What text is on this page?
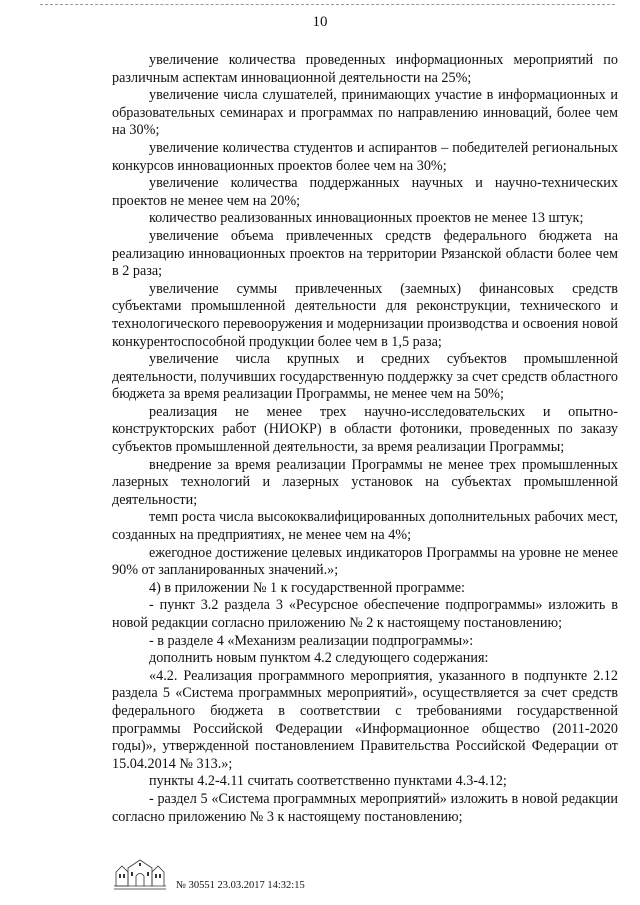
10

увеличение количества проведенных информационных мероприятий по различным аспектам инновационной деятельности на 25%;

увеличение числа слушателей, принимающих участие в информационных и образовательных семинарах и программах по направлению инноваций, более чем на 30%;

увеличение количества студентов и аспирантов – победителей региональных конкурсов инновационных проектов более чем на 30%;

увеличение количества поддержанных научных и научно-технических проектов не менее чем на 20%;

количество реализованных инновационных проектов не менее 13 штук;

увеличение объема привлеченных средств федерального бюджета на реализацию инновационных проектов на территории Рязанской области более чем в 2 раза;

увеличение суммы привлеченных (заемных) финансовых средств субъектами промышленной деятельности для реконструкции, технического и технологического перевооружения и модернизации производства и освоения новой конкурентоспособной продукции более чем в 1,5 раза;

увеличение числа крупных и средних субъектов промышленной деятельности, получивших государственную поддержку за счет средств областного бюджета за время реализации Программы, не менее чем на 50%;

реализация не менее трех научно-исследовательских и опытно-конструкторских работ (НИОКР) в области фотоники, проведенных по заказу субъектов промышленной деятельности, за время реализации Программы;

внедрение за время реализации Программы не менее трех промышленных лазерных технологий и лазерных установок на субъектах промышленной деятельности;

темп роста числа высококвалифицированных дополнительных рабочих мест, созданных на предприятиях, не менее чем на 4%;

ежегодное достижение целевых индикаторов Программы на уровне не менее 90% от запланированных значений.»;

4) в приложении № 1 к государственной программе:

- пункт 3.2 раздела 3 «Ресурсное обеспечение подпрограммы» изложить в новой редакции согласно приложению № 2 к настоящему постановлению;

- в разделе 4 «Механизм реализации подпрограммы»:

дополнить новым пунктом 4.2 следующего содержания:

«4.2. Реализация программного мероприятия, указанного в подпункте 2.12 раздела 5 «Система программных мероприятий», осуществляется за счет средств федерального бюджета в соответствии с требованиями государственной программы Российской Федерации «Информационное общество (2011-2020 годы)», утвержденной постановлением Правительства Российской Федерации от 15.04.2014 № 313.»;

пункты 4.2-4.11 считать соответственно пунктами 4.3-4.12;

- раздел 5 «Система программных мероприятий» изложить в новой редакции согласно приложению № 3 к настоящему постановлению;

№ 30551 23.03.2017 14:32:15
